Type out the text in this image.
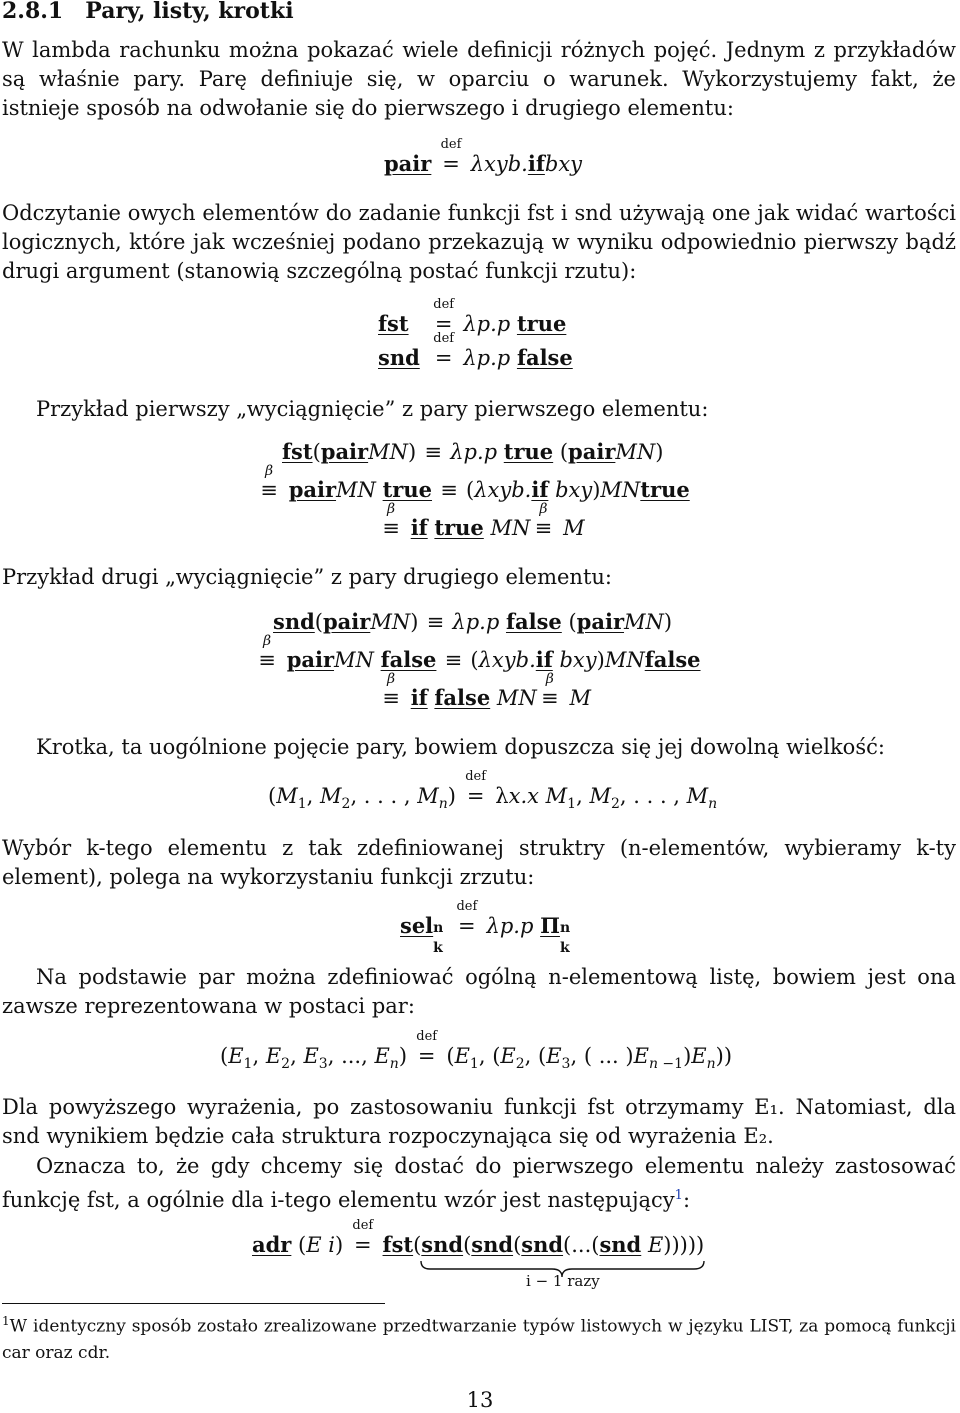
2.8.1 Pary, listy, krotki
W lambda rachunku można pokazać wiele definicji różnych pojęć. Jednym z przykładów są właśnie pary. Parę definiuje się, w oparciu o warunek. Wykorzystujemy fakt, że istnieje sposób na odwołanie się do pierwszego i drugiego elementu:
pair
def
= λxyb.ifbxy
Odczytanie owych elementów do zadanie funkcji fst i snd używają one jak widać wartości logicznych, które jak wcześniej podano przekazują w wyniku odpowiednio pierwszy bądź drugi argument (stanowią szczególną postać funkcji rzutu):
fst
def
= λp.p true
snd
def
= λp.p false
Przykład pierwszy „wyciągnięcie” z pary pierwszego elementu:
fst(pairMN) ≡ λp.p true (pairMN)
β
≡ pairMN true ≡ (λxyb.if bxy)MNtrue
β
≡ if true MN
β
≡ M
Przykład drugi „wyciągnięcie” z pary drugiego elementu:
snd(pairMN) ≡ λp.p false (pairMN)
β
≡ pairMN false ≡ (λxyb.if bxy)MNfalse
β
≡ if false MN
β
≡ M
Krotka, ta uogólnione pojęcie pary, bowiem dopuszcza się jej dowolną wielkość:
($M_1$, $M_2$, . . . , $M_n$)
def
= λx.x $M_1$, $M_2$, . . . , $M_n$
Wybór k-tego elementu z tak zdefiniowanej struktry (n-elementów, wybieramy k-ty element), polega na wykorzystaniu funkcji zrzutu:
sel n
k

def
= λp.p Π n
k
Na podstawie par można zdefiniować ogólną n-elementową listę, bowiem jest ona zawsze reprezentowana w postaci par:
($E_1$, $E_2$, $E_3$, ..., $E_n$)
def
= ($E_1$, ($E_2$, ($E_3$, ( ... )$E_{n -1})E_n$))
Dla powyższego wyrażenia, po zastosowaniu funkcji fst otrzymamy E₁. Natomiast, dla snd wynikiem będzie cała struktura rozpoczynająca się od wyrażenia E₂.
Oznacza to, że gdy chcemy się dostać do pierwszego elementu należy zastosować funkcję fst, a ogólnie dla i-tego elementu wzór jest następujący$^1$:
adr (E i)
def
= fst(snd(snd(snd(...(snd E)))))
i − 1 razy
$^1$W identyczny sposób zostało zrealizowane przedtwarzanie typów listowych w języku LIST, za pomocą funkcji car oraz cdr.
13
